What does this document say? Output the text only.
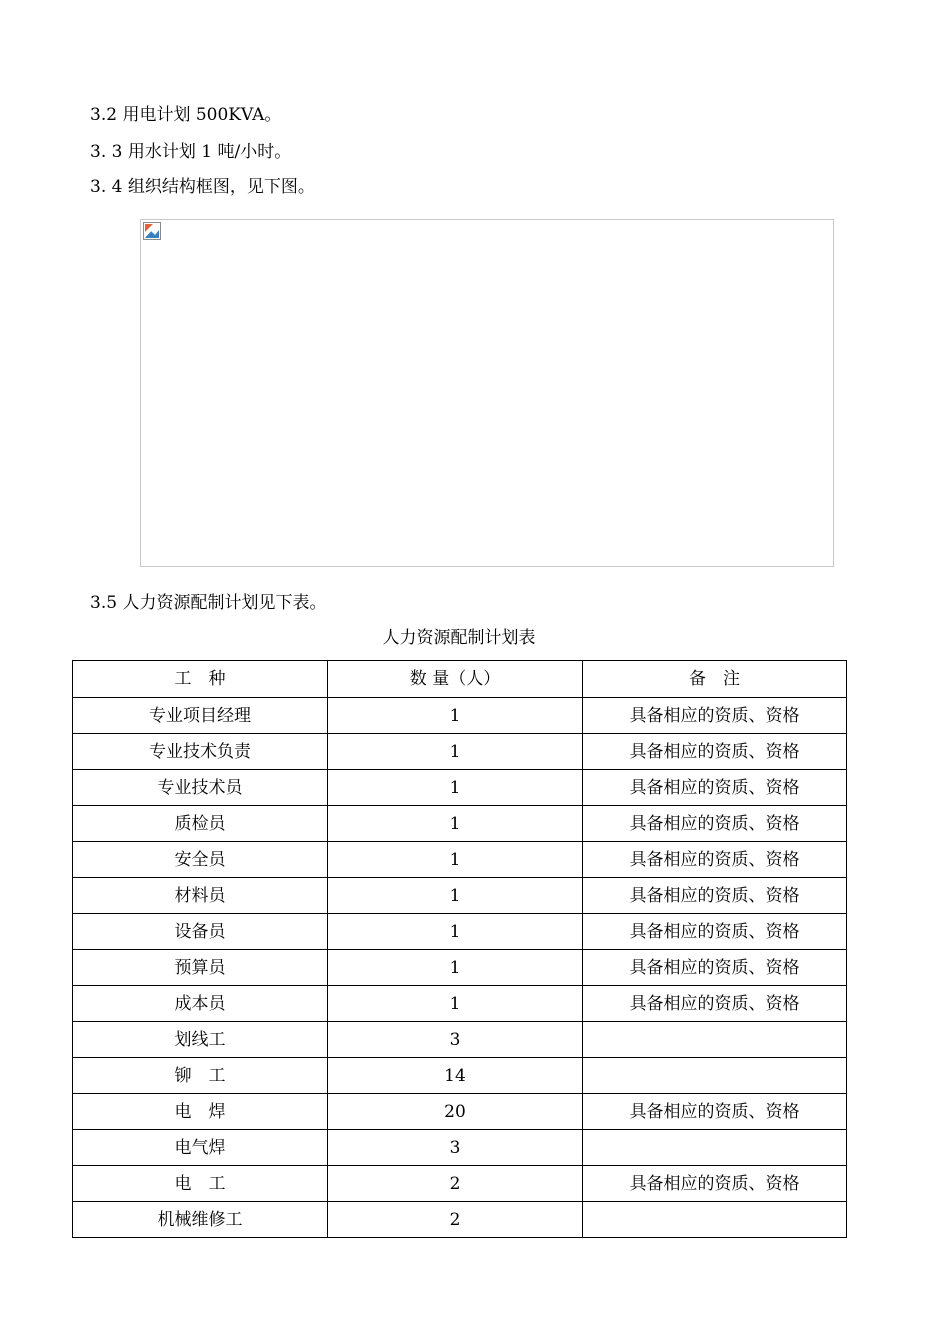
3.2 用电计划 500KVA。
3. 3 用水计划 1 吨/小时。
3. 4 组织结构框图，见下图。
3.5 人力资源配制计划见下表。
人力资源配制计划表
工　种	数 量（人）	备　注
专业项目经理	1	具备相应的资质、资格
专业技术负责	1	具备相应的资质、资格
专业技术员	1	具备相应的资质、资格
质检员	1	具备相应的资质、资格
安全员	1	具备相应的资质、资格
材料员	1	具备相应的资质、资格
设备员	1	具备相应的资质、资格
预算员	1	具备相应的资质、资格
成本员	1	具备相应的资质、资格
划线工	3	
铆　工	14	
电　焊	20	具备相应的资质、资格
电气焊	3	
电　工	2	具备相应的资质、资格
机械维修工	2	
